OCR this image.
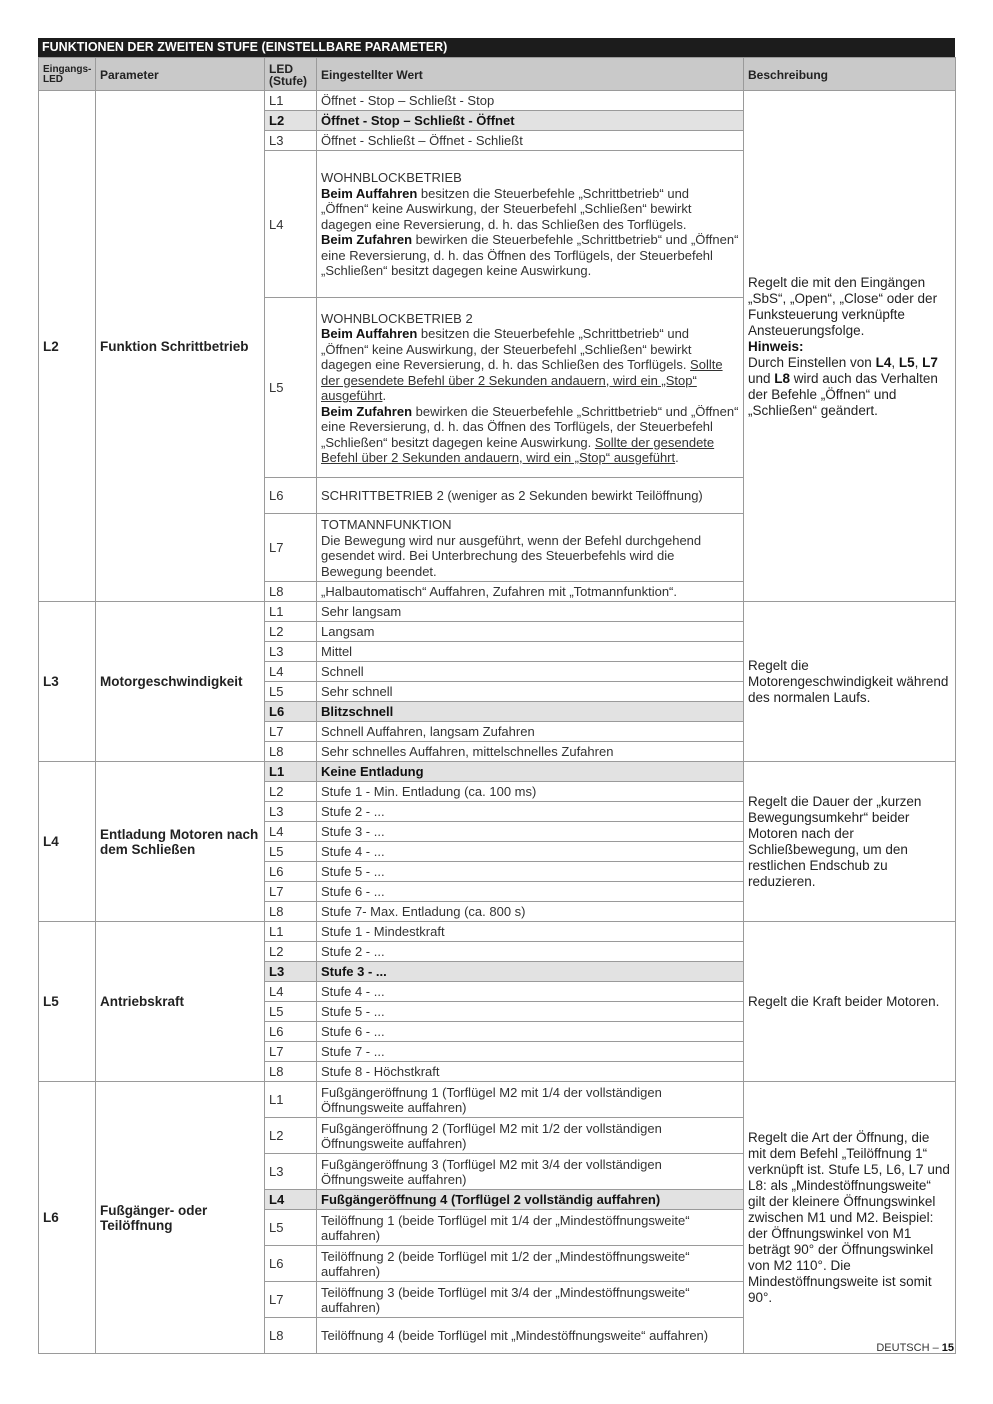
FUNKTIONEN DER ZWEITEN STUFE (EINSTELLBARE PARAMETER)
Eingangs-LED	Parameter	LED (Stufe)	Eingestellter Wert	Beschreibung
L2	Funktion Schrittbetrieb	L1	Öffnet - Stop – Schließt - Stop	Regelt die mit den Eingängen „SbS“, „Open“, „Close“ oder der Funksteuerung verknüpfte Ansteuerungsfolge.
Hinweis:
Durch Einstellen von L4, L5, L7 und L8 wird auch das Verhalten der Befehle „Öffnen“ und „Schließen“ geändert.
		L2	Öffnet - Stop – Schließt - Öffnet	
		L3	Öffnet - Schließt – Öffnet - Schließt	
		L4	WOHNBLOCKBETRIEB
Beim Auffahren besitzen die Steuerbefehle „Schrittbetrieb“ und „Öffnen“ keine Auswirkung, der Steuerbefehl „Schließen“ bewirkt dagegen eine Reversierung, d. h. das Schließen des Torflügels.
Beim Zufahren bewirken die Steuerbefehle „Schrittbetrieb“ und „Öffnen“ eine Reversierung, d. h. das Öffnen des Torflügels, der Steuerbefehl „Schließen“ besitzt dagegen keine Auswirkung.	
		L5	WOHNBLOCKBETRIEB 2
Beim Auffahren besitzen die Steuerbefehle „Schrittbetrieb“ und „Öffnen“ keine Auswirkung, der Steuerbefehl „Schließen“ bewirkt dagegen eine Reversierung, d. h. das Schließen des Torflügels. Sollte der gesendete Befehl über 2 Sekunden andauern, wird ein „Stop“ ausgeführt.
Beim Zufahren bewirken die Steuerbefehle „Schrittbetrieb“ und „Öffnen“ eine Reversierung, d. h. das Öffnen des Torflügels, der Steuerbefehl „Schließen“ besitzt dagegen keine Auswirkung. Sollte der gesendete Befehl über 2 Sekunden andauern, wird ein „Stop“ ausgeführt.	
		L6	SCHRITTBETRIEB 2 (weniger as 2 Sekunden bewirkt Teilöffnung)	
		L7	TOTMANNFUNKTION
Die Bewegung wird nur ausgeführt, wenn der Befehl durchgehend gesendet wird. Bei Unterbrechung des Steuerbefehls wird die Bewegung beendet.	
		L8	„Halbautomatisch“ Auffahren, Zufahren mit „Totmannfunktion“.	
L3	Motorgeschwindigkeit	L1	Sehr langsam	Regelt die Motorengeschwindigkeit während des normalen Laufs.
		L2	Langsam	
		L3	Mittel	
		L4	Schnell	
		L5	Sehr schnell	
		L6	Blitzschnell	
		L7	Schnell Auffahren, langsam Zufahren	
		L8	Sehr schnelles Auffahren, mittelschnelles Zufahren	
L4	Entladung Motoren nach dem Schließen	L1	Keine Entladung	Regelt die Dauer der „kurzen Bewegungsumkehr“ beider Motoren nach der Schließbewegung, um den restlichen Endschub zu reduzieren.
		L2	Stufe 1 - Min. Entladung (ca. 100 ms)	
		L3	Stufe 2 - ...	
		L4	Stufe 3 - ...	
		L5	Stufe 4 - ...	
		L6	Stufe 5 - ...	
		L7	Stufe 6 - ...	
		L8	Stufe 7- Max. Entladung (ca. 800 s)	
L5	Antriebskraft	L1	Stufe 1 - Mindestkraft	Regelt die Kraft beider Motoren.
		L2	Stufe 2 - ...	
		L3	Stufe 3 - ...	
		L4	Stufe 4 - ...	
		L5	Stufe 5 - ...	
		L6	Stufe 6 - ...	
		L7	Stufe 7 - ...	
		L8	Stufe 8 - Höchstkraft	
L6	Fußgänger- oder Teilöffnung	L1	Fußgängeröffnung 1 (Torflügel M2 mit 1/4 der vollständigen Öffnungsweite auffahren)	Regelt die Art der Öffnung, die mit dem Befehl „Teilöffnung 1“ verknüpft ist. Stufe L5, L6, L7 und L8: als „Mindestöffnungsweite“ gilt der kleinere Öffnungswinkel zwischen M1 und M2. Beispiel: der Öffnungswinkel von M1 beträgt 90° der Öffnungswinkel von M2 110°. Die Mindestöffnungsweite ist somit 90°.
		L2	Fußgängeröffnung 2 (Torflügel M2 mit 1/2 der vollständigen Öffnungsweite auffahren)	
		L3	Fußgängeröffnung 3 (Torflügel M2 mit 3/4 der vollständigen Öffnungsweite auffahren)	
		L4	Fußgängeröffnung 4 (Torflügel 2 vollständig auffahren)	
		L5	Teilöffnung 1 (beide Torflügel mit 1/4 der „Mindestöffnungsweite“ auffahren)	
		L6	Teilöffnung 2 (beide Torflügel mit 1/2 der „Mindestöffnungsweite“ auffahren)	
		L7	Teilöffnung 3 (beide Torflügel mit 3/4 der „Mindestöffnungsweite“ auffahren)	
		L8	Teilöffnung 4 (beide Torflügel mit „Mindestöffnungsweite“ auffahren)	
DEUTSCH – 15
